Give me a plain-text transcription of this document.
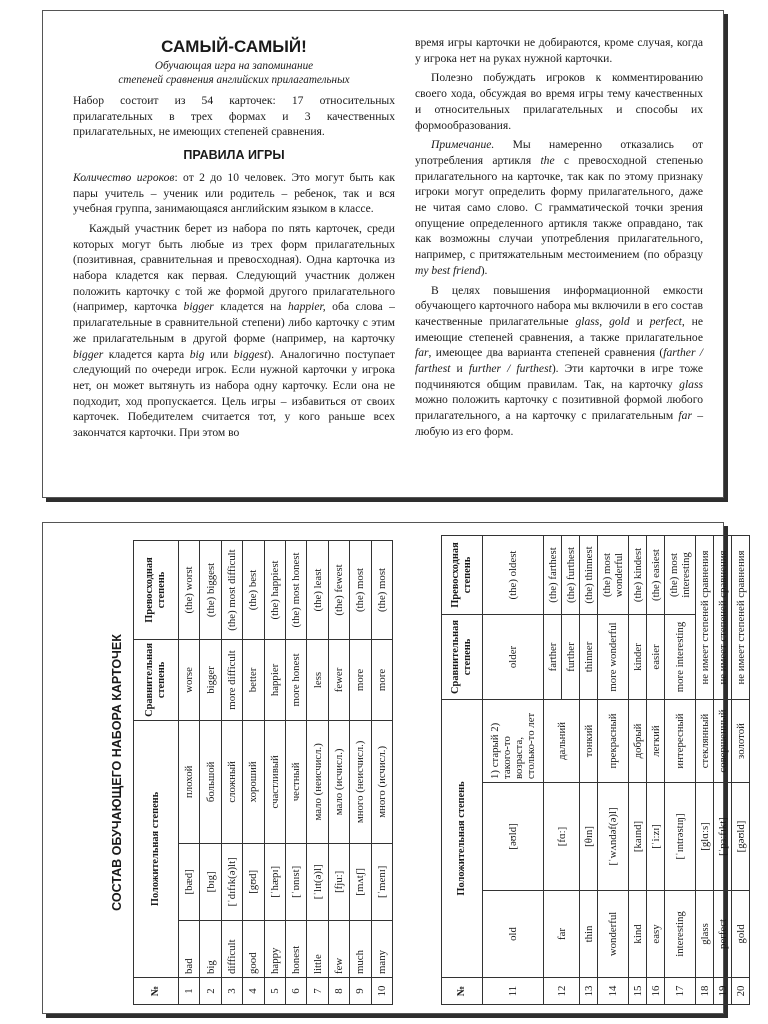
САМЫЙ-САМЫЙ!
Обучающая игра на запоминание
степеней сравнения английских прилагательных

Набор состоит из 54 карточек: 17 относительных прилагательных в трех формах и 3 качественных прилагательных, не имеющих степеней сравнения.

ПРАВИЛА ИГРЫ

Количество игроков: от 2 до 10 человек. Это могут быть как пары учитель – ученик или родитель – ребенок, так и вся учебная группа, занимающаяся английским языком в классе.

Каждый участник берет из набора по пять карточек, среди которых могут быть любые из трех форм прилагательных (позитивная, сравнительная и превосходная). Одна карточка из набора кладется как первая. Следующий участник должен положить карточку с той же формой другого прилагательного (например, карточка bigger кладется на happier, оба слова – прилагательные в сравнительной степени) либо карточку с этим же прилагательным в другой форме (например, на карточку bigger кладется карта big или biggest). Аналогично поступает следующий по очереди игрок. Если нужной карточки у игрока нет, он может вытянуть из набора одну карточку. Если она не подходит, ход пропускается. Цель игры – избавиться от своих карточек. Победителем считается тот, у кого раньше всех закончатся карточки. При этом во

время игры карточки не добираются, кроме случая, когда у игрока нет на руках нужной карточки.

Полезно побуждать игроков к комментированию своего хода, обсуждая во время игры тему качественных и относительных прилагательных и способы их формообразования.

Примечание. Мы намеренно отказались от употребления артикля the с превосходной степенью прилагательного на карточке, так как по этому признаку игроки могут определить форму прилагательного, даже не читая само слово. С грамматической точки зрения опущение определенного артикля также оправдано, так как возможны случаи употребления прилагательного, например, с притяжательным местоимением (по образцу my best friend).

В целях повышения информационной емкости обучающего карточного набора мы включили в его состав качественные прилагательные glass, gold и perfect, не имеющие степеней сравнения, а также прилагательное far, имеющее два варианта степеней сравнения (farther / farthest и further / furthest). Эти карточки в игре тоже подчиняются общим правилам. Так, на карточку glass можно положить карточку с позитивной формой любого прилагательного, а на карточку с прилагательным far – любую из его форм.

СОСТАВ ОБУЧАЮЩЕГО НАБОРА КАРТОЧЕК
№	Положительная степень			Сравнительная степень	Превосходная степень
1	bad	[bæd]	плохой	worse	(the) worst
2	big	[bɪg]	большой	bigger	(the) biggest
3	difficult	[ˈdɪfɪk(ə)lt]	сложный	more difficult	(the) most difficult
4	good	[gʊd]	хороший	better	(the) best
5	happy	[ˈhæpɪ]	счастливый	happier	(the) happiest
6	honest	[ˈɒnɪst]	честный	more honest	(the) most honest
7	little	[ˈlɪt(ə)l]	мало (неисчисл.)	less	(the) least
8	few	[fjuː]	мало (исчисл.)	fewer	(the) fewest
9	much	[mʌtʃ]	много (неисчисл.)	more	(the) most
10	many	[ˈmenɪ]	много (исчисл.)	more	(the) most
№	Положительная степень			Сравнительная степень	Превосходная степень
11	old	[əʊld]	1) старый 2) такого-то возраста, столько-то лет	older	(the) oldest
12	far	[fɑː]	дальний	farther	(the) farthest
				further	(the) furthest
13	thin	[θɪn]	тонкий	thinner	(the) thinnest
14	wonderful	[ˈwʌndəf(ə)l]	прекрасный	more wonderful	(the) most wonderful
15	kind	[kaɪnd]	добрый	kinder	(the) kindest
16	easy	[ˈiːzɪ]	легкий	easier	(the) easiest
17	interesting	[ˈɪntrəstɪŋ]	интересный	more interesting	(the) most interesting
18	glass	[glɑːs]	стеклянный	не имеет степеней сравнения	
19	perfect	[ˈpɜːfɪkt]	совершенный	не имеет степеней сравнения	
20	gold	[gəʊld]	золотой	не имеет степеней сравнения	
